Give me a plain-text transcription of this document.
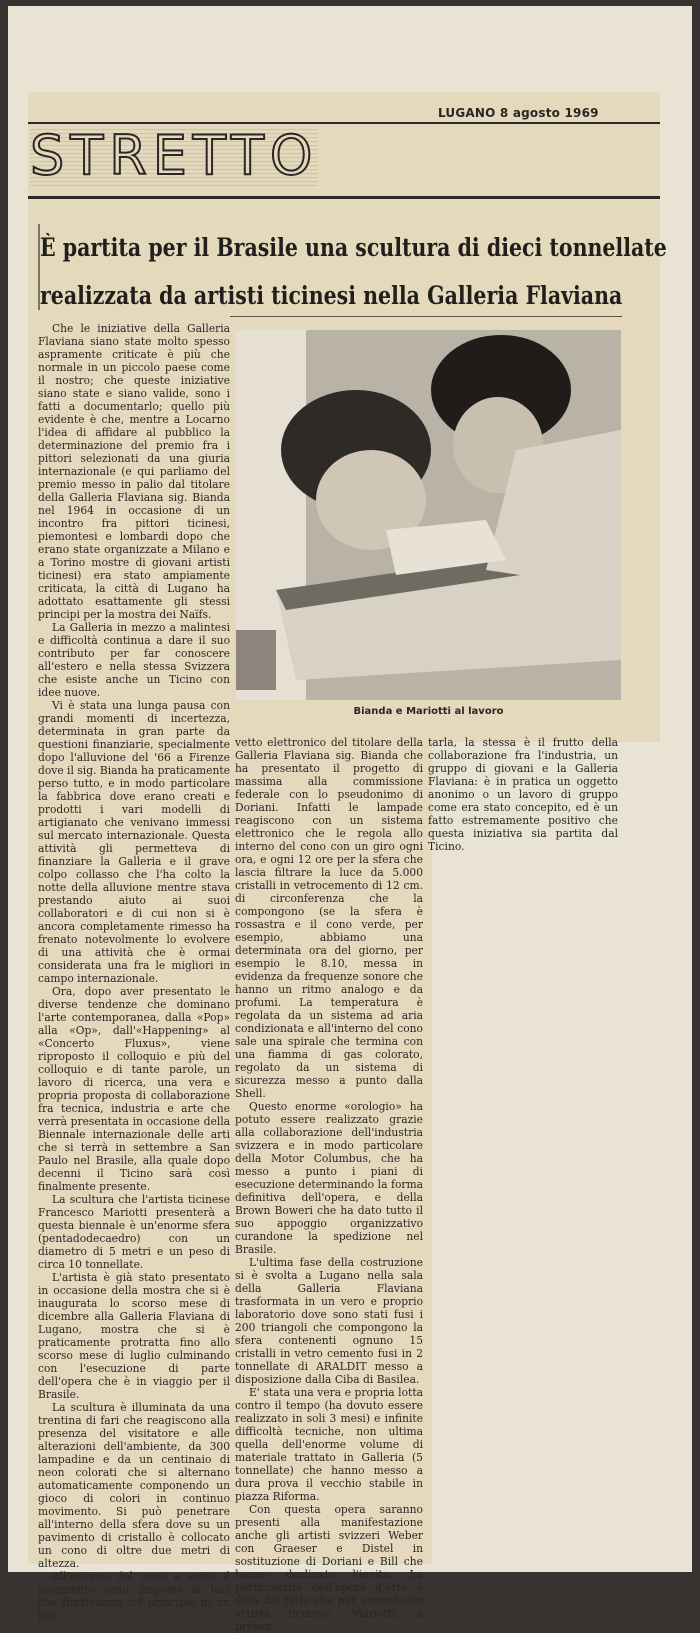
LUGANO 8 agosto 1969
STRETTO
È partita per il Brasile una scultura di dieci tonnellate
realizzata da artisti ticinesi nella Galleria Flaviana
Bianda e Mariotti al lavoro

Che le iniziative della Galleria Flaviana siano state molto spesso aspramente criticate è più che normale in un piccolo paese come il nostro; che queste iniziative siano state e siano valide, sono i fatti a documentarlo; quello più evidente è che, mentre a Locarno l'idea di affidare al pubblico la determinazione del premio fra i pittori selezionati da una giuria internazionale (e qui parliamo del premio messo in palio dal titolare della Galleria Flaviana sig. Bianda nel 1964 in occasione di un incontro fra pittori ticinesi, piemontesi e lombardi dopo che erano state organizzate a Milano e a Torino mostre di giovani artisti ticinesi) era stato ampiamente criticata, la città di Lugano ha adottato esattamente gli stessi principi per la mostra dei Naïfs.

La Galleria in mezzo a malintesi e difficoltà continua a dare il suo contributo per far conoscere all'estero e nella stessa Svizzera che esiste anche un Ticino con idee nuove.

Vi è stata una lunga pausa con grandi momenti di incertezza, determinata in gran parte da questioni finanziarie, specialmente dopo l'alluvione del '66 a Firenze dove il sig. Bianda ha praticamente perso tutto, e in modo particolare la fabbrica dove erano creati e prodotti i vari modelli di artigianato che venivano immessi sul mercato internazionale. Questa attività gli permetteva di finanziare la Galleria e il grave colpo collasso che l'ha colto la notte della alluvione mentre stava prestando aiuto ai suoi collaboratori e di cui non si è ancora completamente rimesso ha frenato notevolmente lo evolvere di una attività che è ormai considerata una fra le migliori in campo internazionale.

Ora, dopo aver presentato le diverse tendenze che dominano l'arte contemporanea, dalla «Pop» alla «Op», dall'«Happening» al «Concerto Fluxus», viene riproposto il colloquio e più del colloquio e di tante parole, un lavoro di ricerca, una vera e propria proposta di collaborazione fra tecnica, industria e arte che verrà presentata in occasione della Biennale internazionale delle arti che si terrà in settembre a San Paulo nel Brasile, alla quale dopo decenni il Ticino sarà così finalmente presente.

La scultura che l'artista ticinese Francesco Mariotti presenterà a questa biennale è un'enorme sfera (pentadodecaedro) con un diametro di 5 metri e un peso di circa 10 tonnellate.

L'artista è già stato presentato in occasione della mostra che si è inaugurata lo scorso mese di dicembre alla Galleria Flaviana di Lugano, mostra che si è praticamente protratta fino allo scorso mese di luglio culminando con l'esecuzione di parte dell'opera che è in viaggio per il Brasile.

La scultura è illuminata da una trentina di fari che reagiscono alla presenza del visitatore e alle alterazioni dell'ambiente, da 300 lampadine e da un centinaio di neon colorati che si alternano automaticamente componendo un gioco di colori in continuo movimento. Si può penetrare all'interno della sfera dove su un pavimento di cristallo è collocato un cono di oltre due metri di altezza.

All'interno del cono e sotto il pavimento sono disposte le luci che funzionano col principio di un bre-

vetto elettronico del titolare della Galleria Flaviana sig. Bianda che ha presentato il progetto di massima alla commissione federale con lo pseudonimo di Doriani. Infatti le lampade reagiscono con un sistema elettronico che le regola allo interno del cono con un giro ogni ora, e ogni 12 ore per la sfera che lascia filtrare la luce da 5.000 cristalli in vetrocemento di 12 cm. di circonferenza che la compongono (se la sfera è rossastra e il cono verde, per esempio, abbiamo una determinata ora del giorno, per esempio le 8.10, messa in evidenza da frequenze sonore che hanno un ritmo analogo e da profumi. La temperatura è regolata da un sistema ad aria condizionata e all'interno del cono sale una spirale che termina con una fiamma di gas colorato, regolato da un sistema di sicurezza messo a punto dalla Shell.

Questo enorme «orologio» ha potuto essere realizzato grazie alla collaborazione dell'industria svizzera e in modo particolare della Motor Columbus, che ha messo a punto i piani di esecuzione determinando la forma definitiva dell'opera, e della Brown Boweri che ha dato tutto il suo appoggio organizzativo curandone la spedizione nel Brasile.

L'ultima fase della costruzione si è svolta a Lugano nella sala della Galleria Flaviana trasformata in un vero e proprio laboratorio dove sono stati fusi i 200 triangoli che compongono la sfera contenenti ognuno 15 cristalli in vetro cemento fusi in 2 tonnellate di ARALDIT messo a disposizione dalla Ciba di Basilea.

E' stata una vera e propria lotta contro il tempo (ha dovuto essere realizzato in soli 3 mesi) e infinite difficoltà tecniche, non ultima quella dell'enorme volume di materiale trattato in Galleria (5 tonnellate) che hanno messo a dura prova il vecchio stabile in piazza Riforma.

Con questa opera saranno presenti alla manifestazione anche gli artisti svizzeri Weber con Graeser e Distel in sostituzione di Doriani e Bill che hanno declinato l'invito. La particolarità dell'opera d'arte è data dal fatto che pur essendo un artista ticinese, Mariotti, a presen-

tarla, la stessa è il frutto della collaborazione fra l'industria, un gruppo di giovani e la Galleria Flaviana: è in pratica un oggetto anonimo o un lavoro di gruppo come era stato concepito, ed è un fatto estremamente positivo che questa iniziativa sia partita dal Ticino.
